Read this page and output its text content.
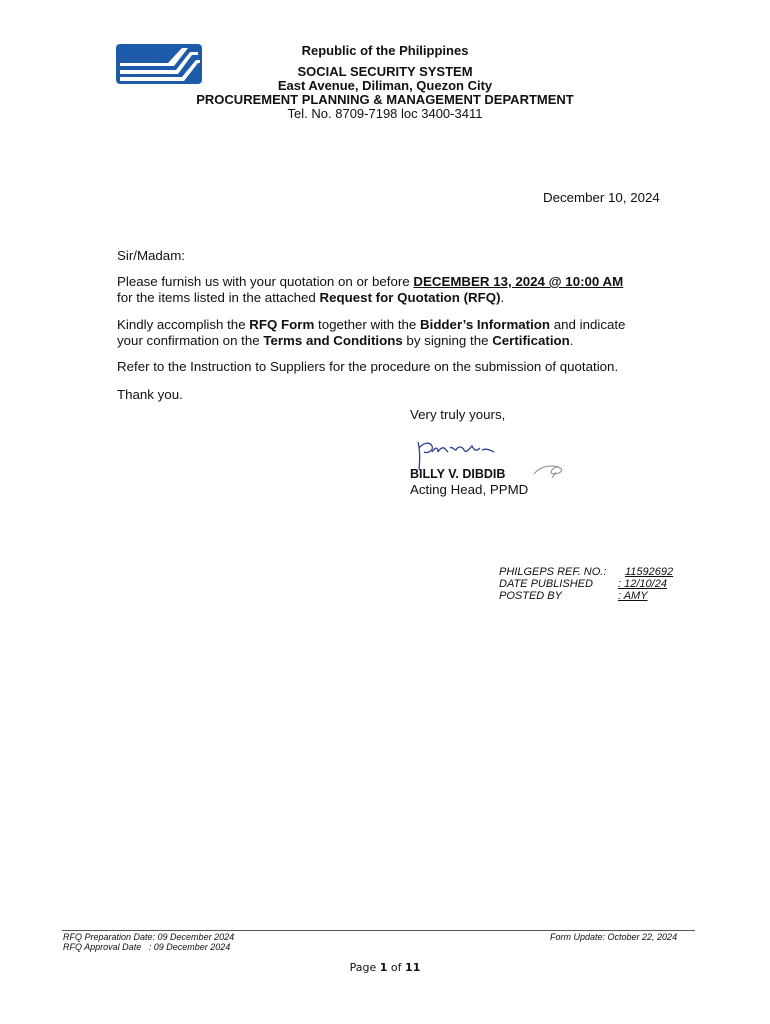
Republic of the Philippines
SOCIAL SECURITY SYSTEM
East Avenue, Diliman, Quezon City
PROCUREMENT PLANNING & MANAGEMENT DEPARTMENT
Tel. No. 8709-7198 loc 3400-3411
December 10, 2024
Sir/Madam:
Please furnish us with your quotation on or before DECEMBER 13, 2024 @ 10:00 AM
for the items listed in the attached Request for Quotation (RFQ).
Kindly accomplish the RFQ Form together with the Bidder’s Information and indicate
your confirmation on the Terms and Conditions by signing the Certification.
Refer to the Instruction to Suppliers for the procedure on the submission of quotation.
Thank you.
Very truly yours,
BILLY V. DIBDIB
Acting Head, PPMD
PHILGEPS REF. NO.: 11592692
DATE PUBLISHED : 12/10/24
POSTED BY	: AMY
RFQ Preparation Date: 09 December 2024
RFQ Approval Date   : 09 December 2024
Form Update: October 22, 2024
Page 1 of 11
